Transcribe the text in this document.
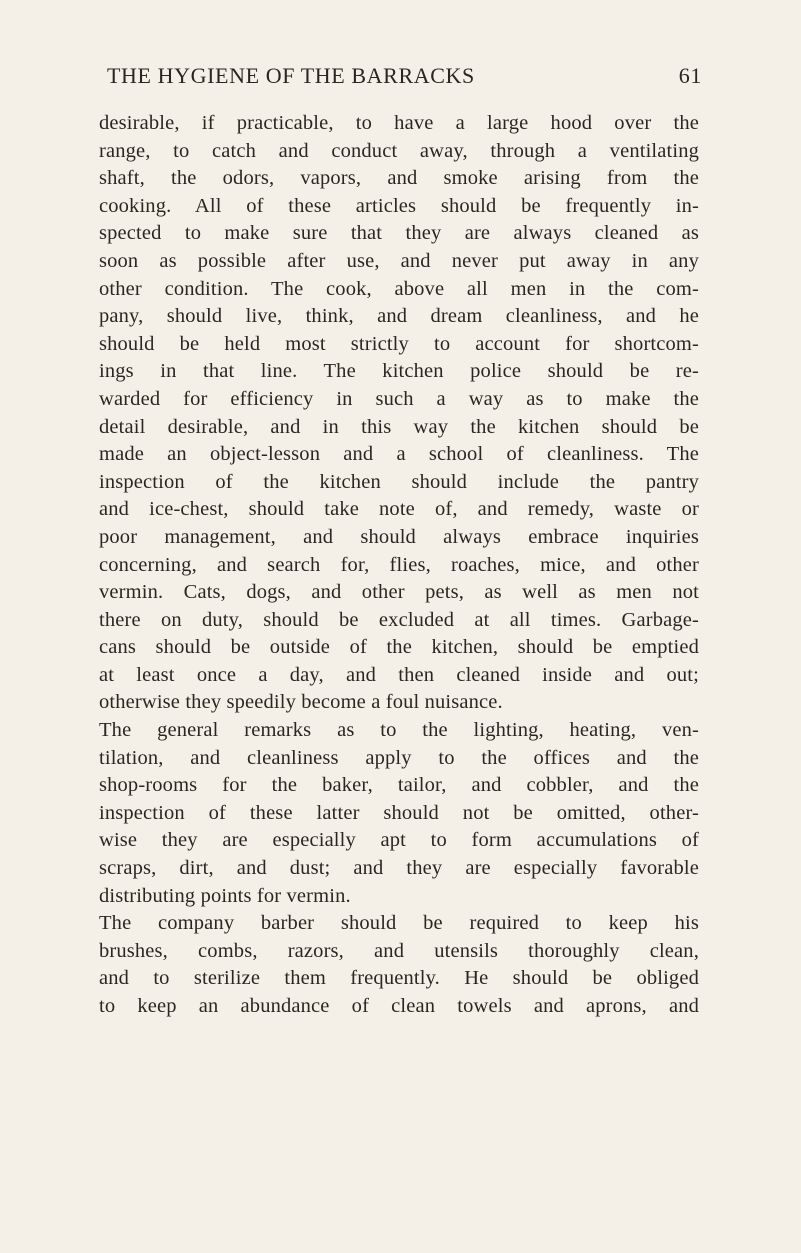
THE HYGIENE OF THE BARRACKS	61
desirable, if practicable, to have a large hood over the
range, to catch and conduct away, through a ventilating
shaft, the odors, vapors, and smoke arising from the
cooking. All of these articles should be frequently in-
spected to make sure that they are always cleaned as
soon as possible after use, and never put away in any
other condition. The cook, above all men in the com-
pany, should live, think, and dream cleanliness, and he
should be held most strictly to account for shortcom-
ings in that line. The kitchen police should be re-
warded for efficiency in such a way as to make the
detail desirable, and in this way the kitchen should be
made an object-lesson and a school of cleanliness. The
inspection of the kitchen should include the pantry
and ice-chest, should take note of, and remedy, waste or
poor management, and should always embrace inquiries
concerning, and search for, flies, roaches, mice, and other
vermin. Cats, dogs, and other pets, as well as men not
there on duty, should be excluded at all times. Garbage-
cans should be outside of the kitchen, should be emptied
at least once a day, and then cleaned inside and out;
otherwise they speedily become a foul nuisance.
The general remarks as to the lighting, heating, ven-
tilation, and cleanliness apply to the offices and the
shop-rooms for the baker, tailor, and cobbler, and the
inspection of these latter should not be omitted, other-
wise they are especially apt to form accumulations of
scraps, dirt, and dust; and they are especially favorable
distributing points for vermin.
The company barber should be required to keep his
brushes, combs, razors, and utensils thoroughly clean,
and to sterilize them frequently. He should be obliged
to keep an abundance of clean towels and aprons, and
